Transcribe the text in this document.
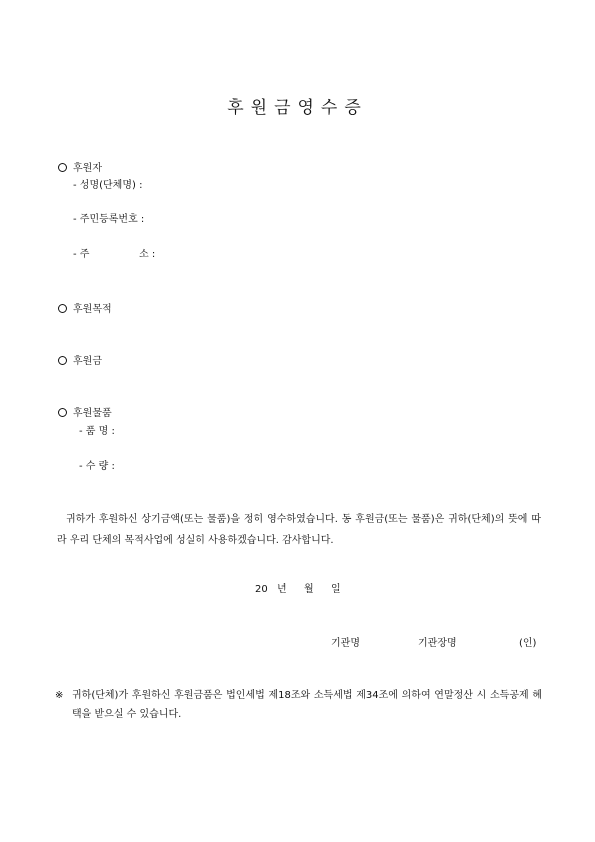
후원금영수증
후원자
- 성명(단체명) :
- 주민등록번호 :
- 주	소 :
후원목적
후원금
후원물품
- 품 명 :
- 수 량 :
귀하가 후원하신 상기금액(또는 물품)을 정히 영수하였습니다. 동 후원금(또는 물품)은 귀하(단체)의 뜻에 따라 우리 단체의 목적사업에 성실히 사용하겠습니다. 감사합니다.
20 년 월 일
기관명	기관장명	(인)
※ 귀하(단체)가 후원하신 후원금품은 법인세법 제18조와 소득세법 제34조에 의하여 연말정산 시 소득공제 혜택을 받으실 수 있습니다.
